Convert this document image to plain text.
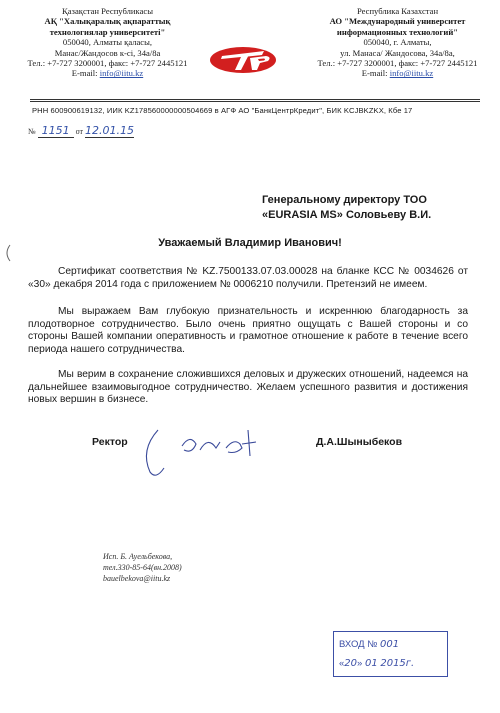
Қазақстан Республикасы
АҚ "Халықаралық ақпараттық
технологиялар университеті"
050040, Алматы қаласы,
Манас/Жандосов к-сі, 34а/8а
Тел.: +7-727 3200001, факс: +7-727 2445121
E-mail: info@iitu.kz
Республика Казахстан
АО "Международный университет
информационных технологий"
050040, г. Алматы,
ул. Манаса/ Жандосова, 34а/8а,
Тел.: +7-727 3200001, факс: +7-727 2445121
E-mail: info@iitu.kz
РНН 600900619132, ИИК KZ178560000000504669 в АГФ АО "БанкЦентрКредит", БИК KCJBKZKX, Кбе 17
№ 1151 от 12.01.15
Генеральному директору ТОО
«EURASIA MS» Соловьеву В.И.
Уважаемый Владимир Иванович!
Сертификат соответствия № KZ.7500133.07.03.00028 на бланке КСС № 0034626 от «30» декабря 2014 года с приложением № 0006210 получили. Претензий не имеем.
Мы выражаем Вам глубокую признательность и искреннюю благодарность за плодотворное сотрудничество. Было очень приятно ощущать с Вашей стороны и со стороны Вашей компании оперативность и грамотное отношение к работе в течение всего периода нашего сотрудничества.
Мы верим в сохранение сложившихся деловых и дружеских отношений, надеемся на дальнейшее взаимовыгодное сотрудничество. Желаем успешного развития и достижения новых вершин в бизнесе.
Ректор	Д.А.Шыныбеков
Исп. Б. Ауельбекова,
тел.330-85-64(вн.2008)
bauelbekova@iitu.kz
ВХОД № 001
«20» 01 2015г.
